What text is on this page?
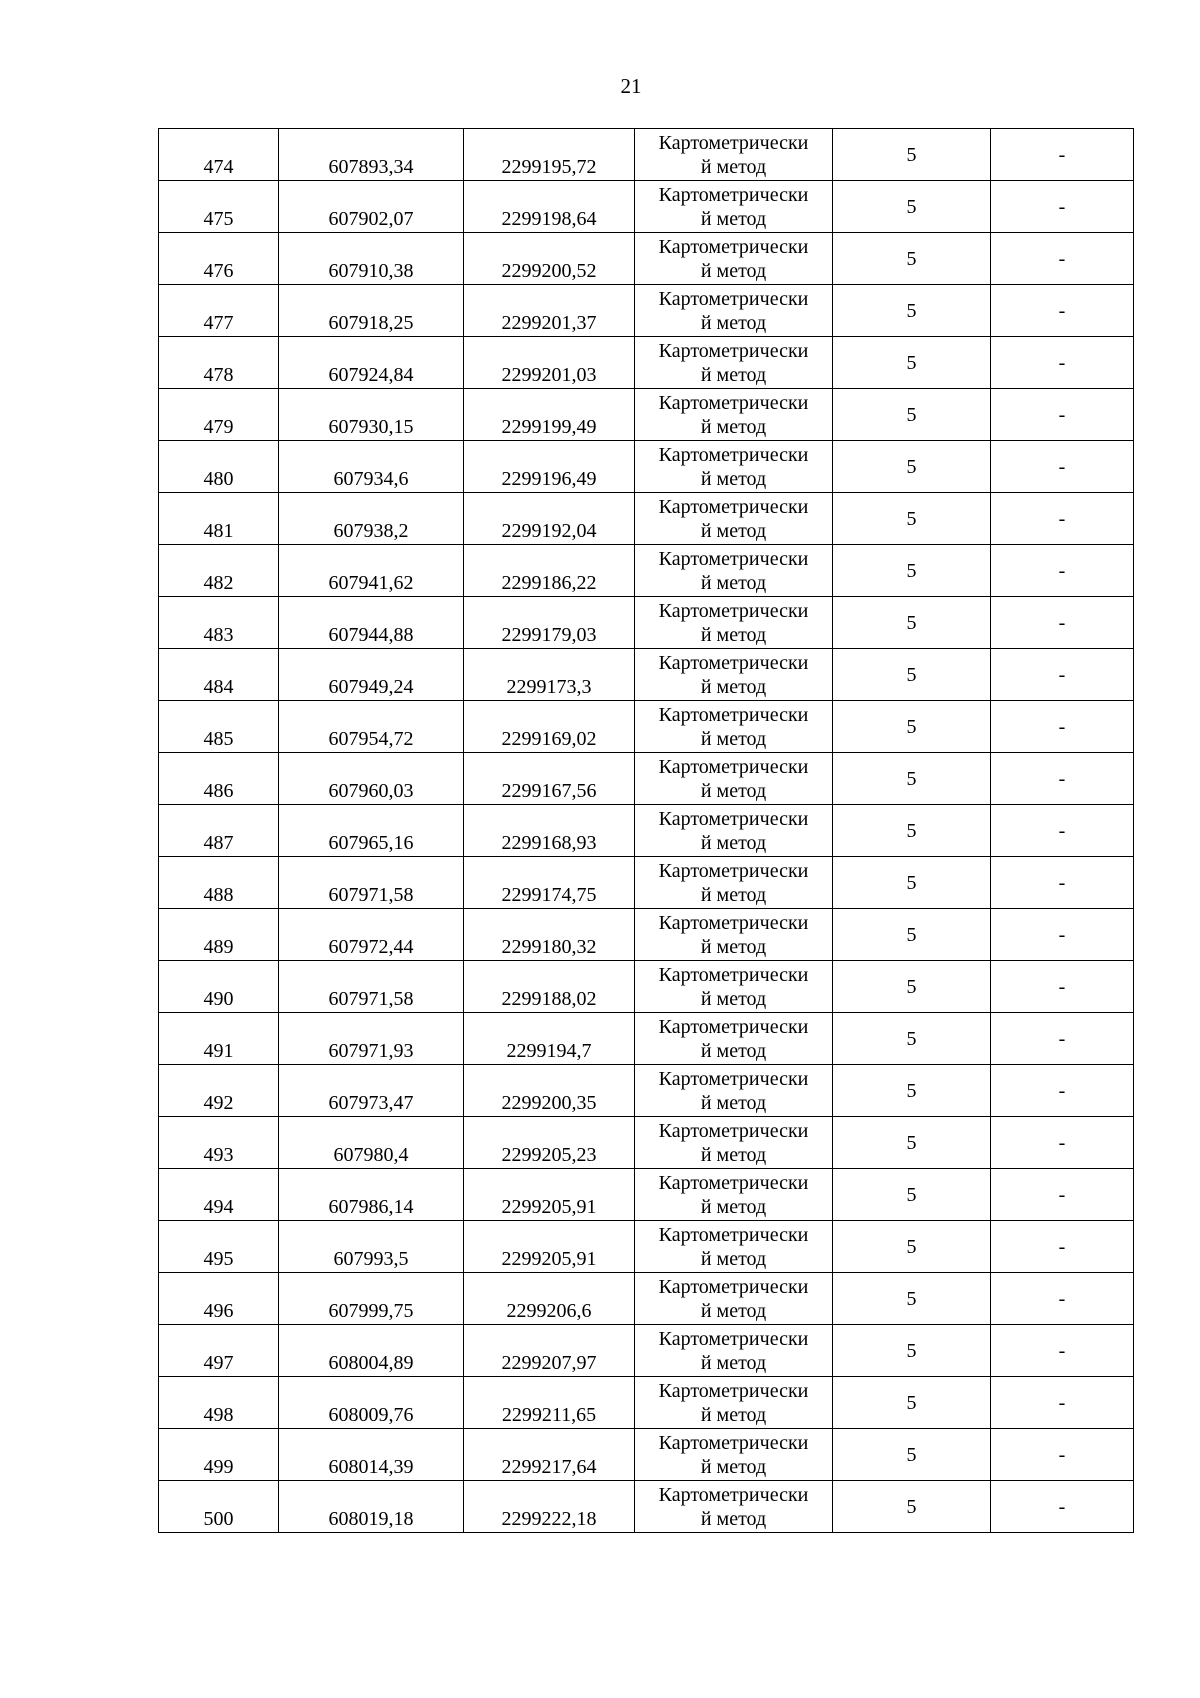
21
474	607893,34	2299195,72	Картометрически
й метод	5	-
475	607902,07	2299198,64	Картометрически
й метод	5	-
476	607910,38	2299200,52	Картометрически
й метод	5	-
477	607918,25	2299201,37	Картометрически
й метод	5	-
478	607924,84	2299201,03	Картометрически
й метод	5	-
479	607930,15	2299199,49	Картометрически
й метод	5	-
480	607934,6	2299196,49	Картометрически
й метод	5	-
481	607938,2	2299192,04	Картометрически
й метод	5	-
482	607941,62	2299186,22	Картометрически
й метод	5	-
483	607944,88	2299179,03	Картометрически
й метод	5	-
484	607949,24	2299173,3	Картометрически
й метод	5	-
485	607954,72	2299169,02	Картометрически
й метод	5	-
486	607960,03	2299167,56	Картометрически
й метод	5	-
487	607965,16	2299168,93	Картометрически
й метод	5	-
488	607971,58	2299174,75	Картометрически
й метод	5	-
489	607972,44	2299180,32	Картометрически
й метод	5	-
490	607971,58	2299188,02	Картометрически
й метод	5	-
491	607971,93	2299194,7	Картометрически
й метод	5	-
492	607973,47	2299200,35	Картометрически
й метод	5	-
493	607980,4	2299205,23	Картометрически
й метод	5	-
494	607986,14	2299205,91	Картометрически
й метод	5	-
495	607993,5	2299205,91	Картометрически
й метод	5	-
496	607999,75	2299206,6	Картометрически
й метод	5	-
497	608004,89	2299207,97	Картометрически
й метод	5	-
498	608009,76	2299211,65	Картометрически
й метод	5	-
499	608014,39	2299217,64	Картометрически
й метод	5	-
500	608019,18	2299222,18	Картометрически
й метод	5	-
